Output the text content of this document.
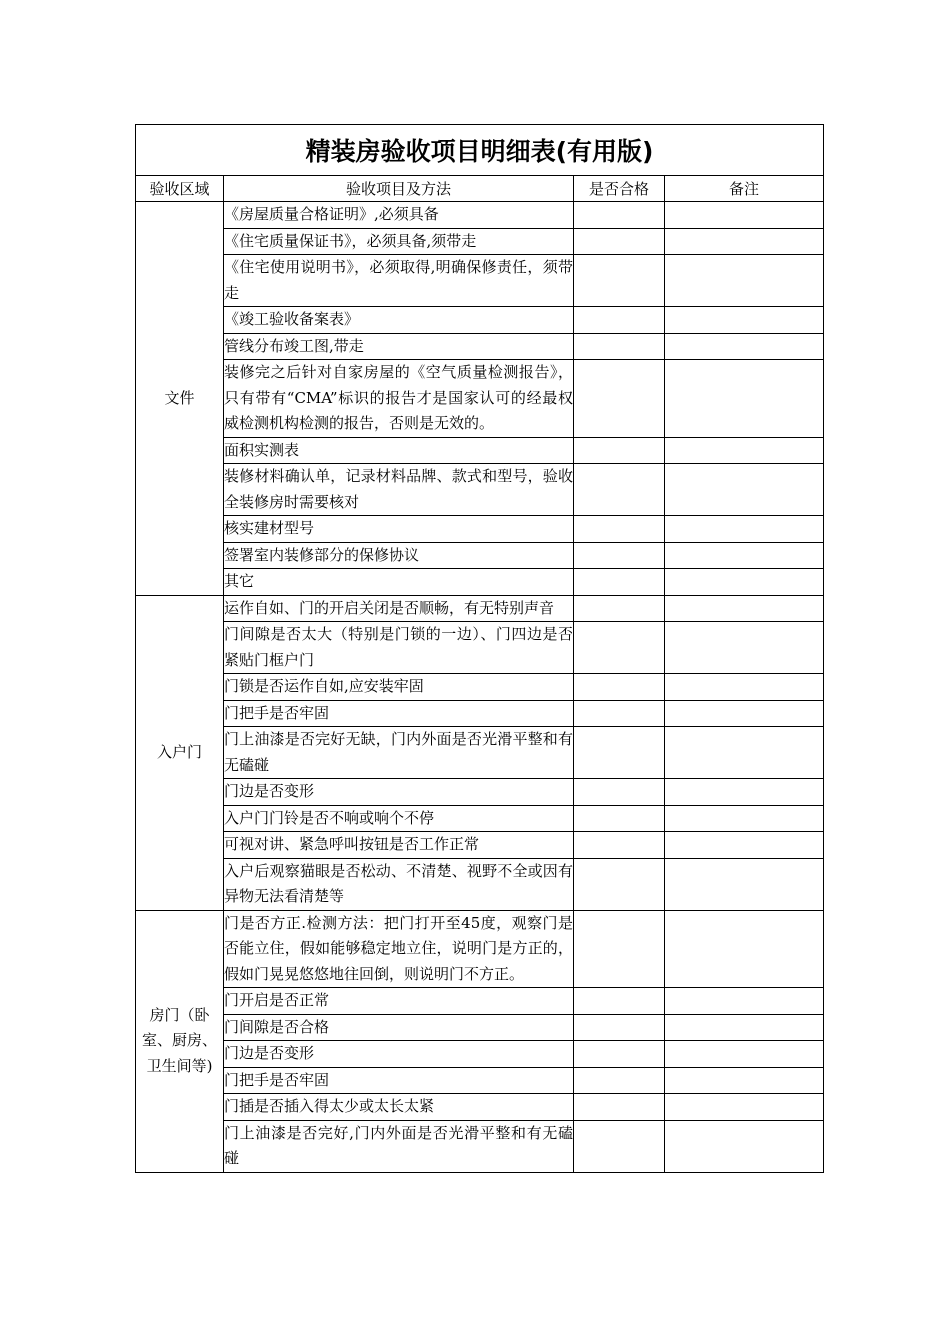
精装房验收项目明细表(有用版)			
验收区域	验收项目及方法	是否合格	备注
文件	《房屋质量合格证明》,必须具备		
	《住宅质量保证书》，必须具备,须带走		
	《住宅使用说明书》，必须取得,明确保修责任，须带走		
	《竣工验收备案表》		
	管线分布竣工图,带走		
	装修完之后针对自家房屋的《空气质量检测报告》，只有带有“CMA”标识的报告才是国家认可的经最权威检测机构检测的报告，否则是无效的。		
	面积实测表		
	装修材料确认单，记录材料品牌、款式和型号，验收全装修房时需要核对		
	核实建材型号		
	签署室内装修部分的保修协议		
	其它		
入户门	运作自如、门的开启关闭是否顺畅，有无特别声音		
	门间隙是否太大（特别是门锁的一边）、门四边是否紧贴门框户门		
	门锁是否运作自如,应安装牢固		
	门把手是否牢固		
	门上油漆是否完好无缺，门内外面是否光滑平整和有无磕碰		
	门边是否变形		
	入户门门铃是否不响或响个不停		
	可视对讲、紧急呼叫按钮是否工作正常		
	入户后观察猫眼是否松动、不清楚、视野不全或因有异物无法看清楚等		
房门（卧室、厨房、卫生间等)	门是否方正.检测方法：把门打开至45度，观察门是否能立住，假如能够稳定地立住，说明门是方正的，假如门晃晃悠悠地往回倒，则说明门不方正。		
	门开启是否正常		
	门间隙是否合格		
	门边是否变形		
	门把手是否牢固		
	门插是否插入得太少或太长太紧		
	门上油漆是否完好,门内外面是否光滑平整和有无磕碰		
